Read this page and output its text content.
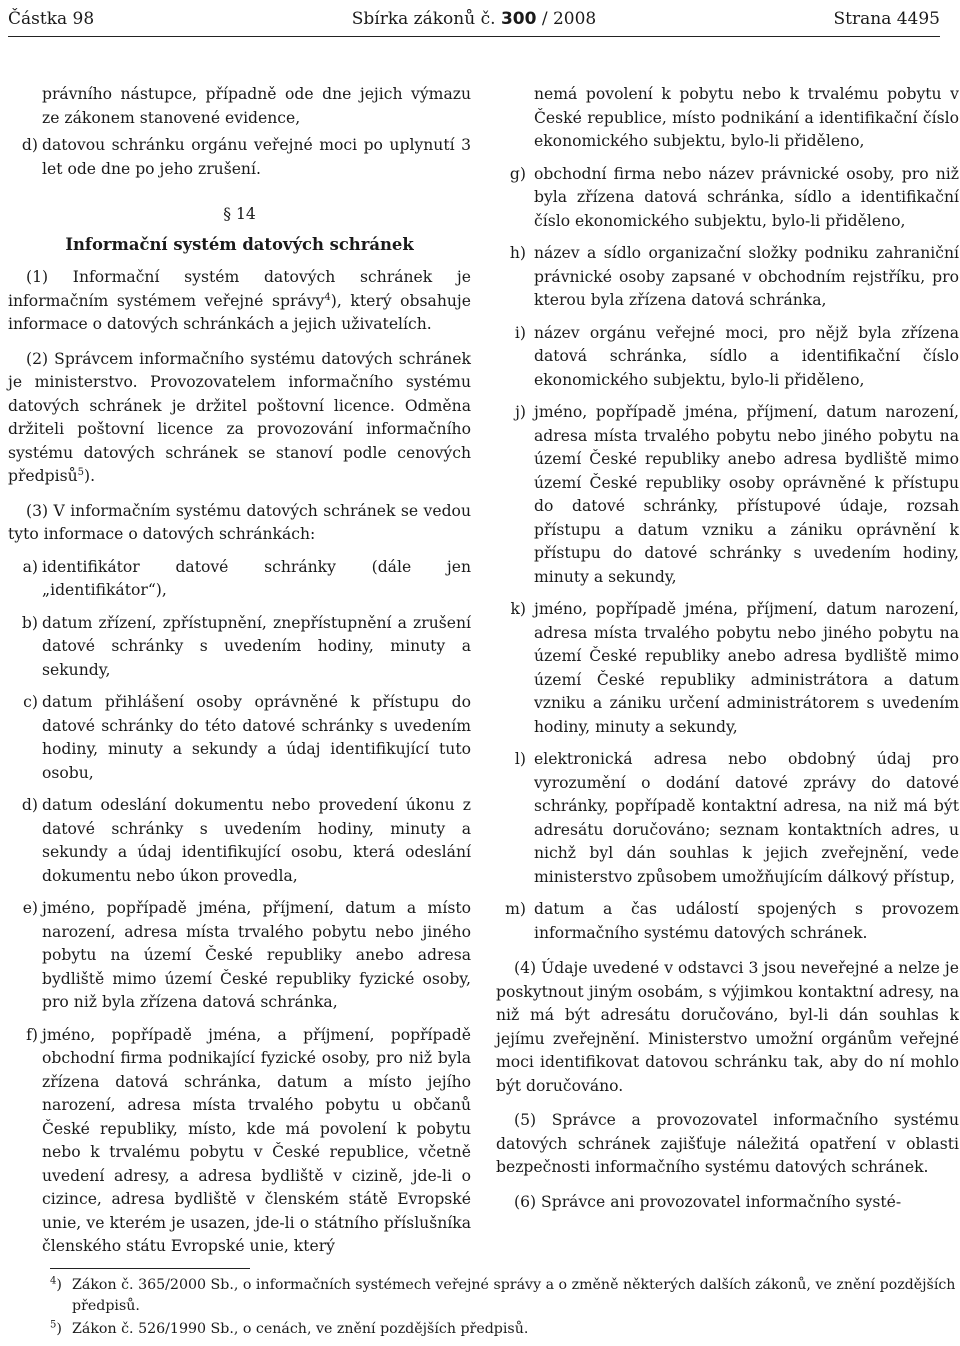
Částka 98	Sbírka zákonů č. 300 / 2008	Strana 4495

právního nástupce, případně ode dne jejich výmazu ze zákonem stanovené evidence,

d) datovou schránku orgánu veřejné moci po uplynutí 3 let ode dne po jeho zrušení.
§ 14
Informační systém datových schránek

(1) Informační systém datových schránek je informačním systémem veřejné správy$^4$), který obsahuje informace o datových schránkách a jejich uživatelích.

(2) Správcem informačního systému datových schránek je ministerstvo. Provozovatelem informačního systému datových schránek je držitel poštovní licence. Odměna držiteli poštovní licence za provozování informačního systému datových schránek se stanoví podle cenových předpisů$^5$).

(3) V informačním systému datových schránek se vedou tyto informace o datových schránkách:

a) identifikátor datové schránky (dále jen „identifikátor“),
b) datum zřízení, zpřístupnění, znepřístupnění a zrušení datové schránky s uvedením hodiny, minuty a sekundy,
c) datum přihlášení osoby oprávněné k přístupu do datové schránky do této datové schránky s uvedením hodiny, minuty a sekundy a údaj identifikující tuto osobu,
d) datum odeslání dokumentu nebo provedení úkonu z datové schránky s uvedením hodiny, minuty a sekundy a údaj identifikující osobu, která odeslání dokumentu nebo úkon provedla,
e) jméno, popřípadě jména, příjmení, datum a místo narození, adresa místa trvalého pobytu nebo jiného pobytu na území České republiky anebo adresa bydliště mimo území České republiky fyzické osoby, pro niž byla zřízena datová schránka,
f) jméno, popřípadě jména, a příjmení, popřípadě obchodní firma podnikající fyzické osoby, pro niž byla zřízena datová schránka, datum a místo jejího narození, adresa místa trvalého pobytu u občanů České republiky, místo, kde má povolení k pobytu nebo k trvalému pobytu v České republice, včetně uvedení adresy, a adresa bydliště v cizině, jde-li o cizince, adresa bydliště v členském státě Evropské unie, ve kterém je usazen, jde-li o státního příslušníka členského státu Evropské unie, který

nemá povolení k pobytu nebo k trvalému pobytu v České republice, místo podnikání a identifikační číslo ekonomického subjektu, bylo-li přiděleno,

g) obchodní firma nebo název právnické osoby, pro niž byla zřízena datová schránka, sídlo a identifikační číslo ekonomického subjektu, bylo-li přiděleno,
h) název a sídlo organizační složky podniku zahraniční právnické osoby zapsané v obchodním rejstříku, pro kterou byla zřízena datová schránka,
i) název orgánu veřejné moci, pro nějž byla zřízena datová schránka, sídlo a identifikační číslo ekonomického subjektu, bylo-li přiděleno,
j) jméno, popřípadě jména, příjmení, datum narození, adresa místa trvalého pobytu nebo jiného pobytu na území České republiky anebo adresa bydliště mimo území České republiky osoby oprávněné k přístupu do datové schránky, přístupové údaje, rozsah přístupu a datum vzniku a zániku oprávnění k přístupu do datové schránky s uvedením hodiny, minuty a sekundy,
k) jméno, popřípadě jména, příjmení, datum narození, adresa místa trvalého pobytu nebo jiného pobytu na území České republiky anebo adresa bydliště mimo území České republiky administrátora a datum vzniku a zániku určení administrátorem s uvedením hodiny, minuty a sekundy,
l) elektronická adresa nebo obdobný údaj pro vyrozumění o dodání datové zprávy do datové schránky, popřípadě kontaktní adresa, na niž má být adresátu doručováno; seznam kontaktních adres, u nichž byl dán souhlas k jejich zveřejnění, vede ministerstvo způsobem umožňujícím dálkový přístup,
m) datum a čas událostí spojených s provozem informačního systému datových schránek.

(4) Údaje uvedené v odstavci 3 jsou neveřejné a nelze je poskytnout jiným osobám, s výjimkou kontaktní adresy, na niž má být adresátu doručováno, byl-li dán souhlas k jejímu zveřejnění. Ministerstvo umožní orgánům veřejné moci identifikovat datovou schránku tak, aby do ní mohlo být doručováno.

(5) Správce a provozovatel informačního systému datových schránek zajišťuje náležitá opatření v oblasti bezpečnosti informačního systému datových schránek.

(6) Správce ani provozovatel informačního systé-

$^4$) Zákon č. 365/2000 Sb., o informačních systémech veřejné správy a o změně některých dalších zákonů, ve znění pozdějších předpisů.
$^5$) Zákon č. 526/1990 Sb., o cenách, ve znění pozdějších předpisů.
